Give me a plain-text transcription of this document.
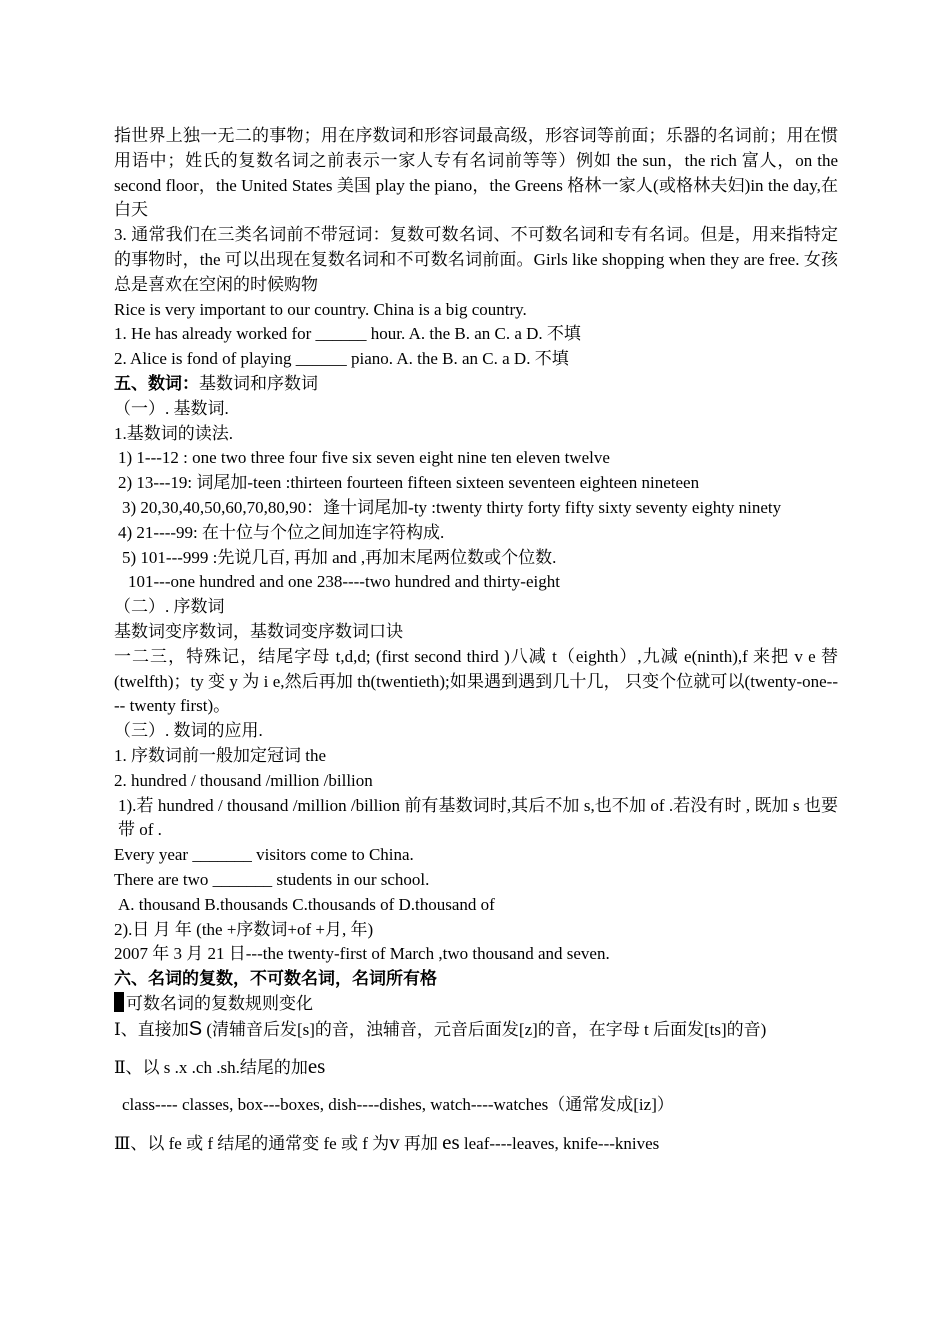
指世界上独一无二的事物；用在序数词和形容词最高级，形容词等前面；乐器的名词前；用在惯用语中；姓氏的复数名词之前表示一家人专有名词前等等）例如 the sun，the rich 富人，on the second floor，the United States 美国 play the piano，the Greens 格林一家人(或格林夫妇)in the day,在白天
3. 通常我们在三类名词前不带冠词：复数可数名词、不可数名词和专有名词。但是，用来指特定的事物时，the 可以出现在复数名词和不可数名词前面。Girls like shopping when they are free. 女孩总是喜欢在空闲的时候购物
Rice is very important to our country. China is a big country.
1. He has already worked for ______ hour. A. the B. an C. a D. 不填
2. Alice is fond of playing ______ piano. A. the B. an C. a D. 不填
五、数词：基数词和序数词
（一）. 基数词.
1.基数词的读法.
1) 1---12 : one two three four five six seven eight nine ten eleven twelve
2) 13---19: 词尾加-teen :thirteen fourteen fifteen sixteen seventeen eighteen nineteen
3) 20,30,40,50,60,70,80,90：逢十词尾加-ty :twenty thirty forty fifty sixty seventy eighty ninety
4) 21----99: 在十位与个位之间加连字符构成.
5) 101---999 :先说几百, 再加 and ,再加末尾两位数或个位数.
101---one hundred and one 238----two hundred and thirty-eight
（二）. 序数词
基数词变序数词，基数词变序数词口诀
一二三，特殊记，结尾字母 t,d,d; (first second third )八减 t（eighth）,九减 e(ninth),f 来把 v e 替(twelfth)；ty 变 y 为 i e,然后再加 th(twentieth);如果遇到遇到几十几， 只变个位就可以(twenty-one---- twenty first)。
（三）. 数词的应用.
1. 序数词前一般加定冠词 the
2. hundred / thousand /million /billion
1).若 hundred / thousand /million /billion 前有基数词时,其后不加 s,也不加 of .若没有时 , 既加 s 也要带 of .
Every year _______ visitors come to China.
There are two _______ students in our school.
A. thousand B.thousands C.thousands of D.thousand of
2).日 月 年 (the +序数词+of +月, 年)
2007 年 3 月 21 日---the twenty-first of March ,two thousand and seven.
六、名词的复数，不可数名词，名词所有格
可数名词的复数规则变化
Ⅰ、直接加S (清辅音后发[s]的音，浊辅音，元音后面发[z]的音，在字母 t 后面发[ts]的音)
Ⅱ、以 s .x .ch .sh.结尾的加es
class---- classes, box---boxes, dish----dishes, watch----watches（通常发成[iz]）
Ⅲ、以 fe 或 f 结尾的通常变 fe 或 f 为v 再加 es leaf----leaves, knife---knives
